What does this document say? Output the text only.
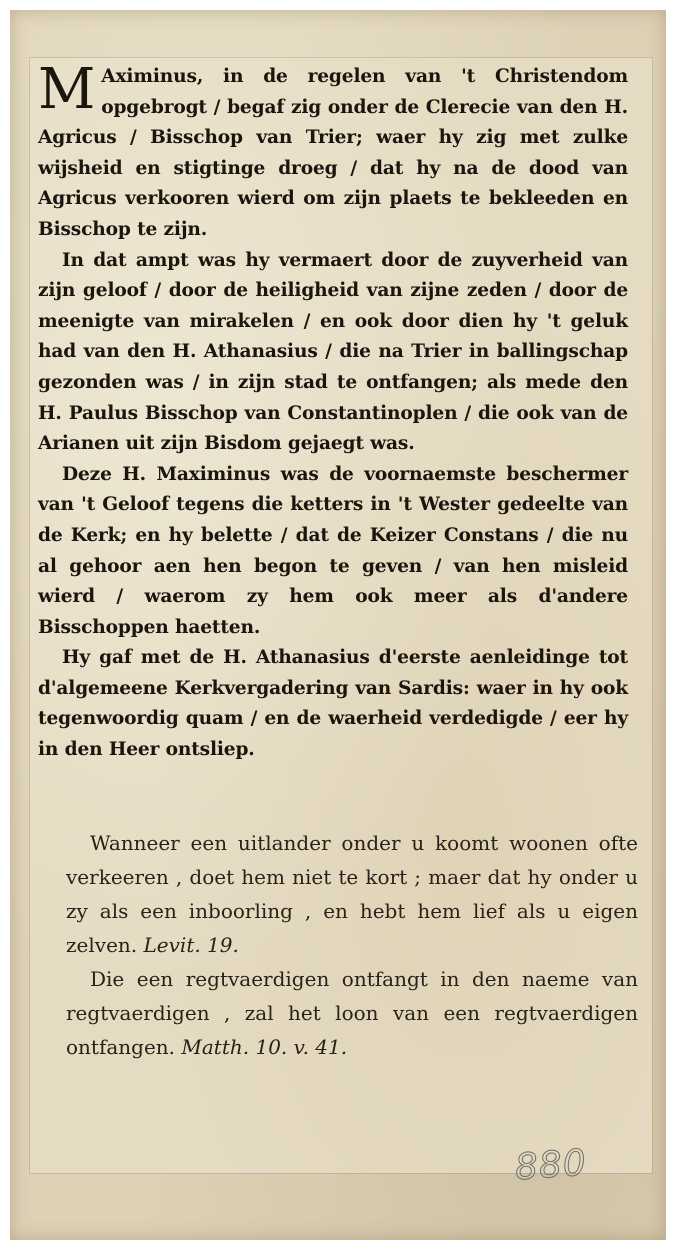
M Aximinus, in de regelen van 't Christendom opgebrogt / begaf zig onder de Clerecie van den H. Agricus / Bisschop van Trier; waer hy zig met zulke wijsheid en stigtinge droeg / dat hy na de dood van Agricus verkooren wierd om zijn plaets te bekleeden en Bisschop te zijn.

In dat ampt was hy vermaert door de zuyverheid van zijn geloof / door de heiligheid van zijne zeden / door de meenigte van mirakelen / en ook door dien hy 't geluk had van den H. Athanasius / die na Trier in ballingschap gezonden was / in zijn stad te ontfangen; als mede den H. Paulus Bisschop van Constantinoplen / die ook van de Arianen uit zijn Bisdom gejaegt was.

Deze H. Maximinus was de voornaemste beschermer van 't Geloof tegens die ketters in 't Wester gedeelte van de Kerk; en hy belette / dat de Keizer Constans / die nu al gehoor aen hen begon te geven / van hen misleid wierd / waerom zy hem ook meer als d'andere Bisschoppen haetten.

Hy gaf met de H. Athanasius d'eerste aenleidinge tot d'algemeene Kerkvergadering van Sardis: waer in hy ook tegenwoordig quam / en de waerheid verdedigde / eer hy in den Heer ontsliep.

Wanneer een uitlander onder u koomt woonen ofte verkeeren , doet hem niet te kort ; maer dat hy onder u zy als een inboorling , en hebt hem lief als u eigen zelven. Levit. 19.

Die een regtvaerdigen ontfangt in den naeme van regtvaerdigen , zal het loon van een regtvaerdigen ontfangen. Matth. 10. v. 41.

880
